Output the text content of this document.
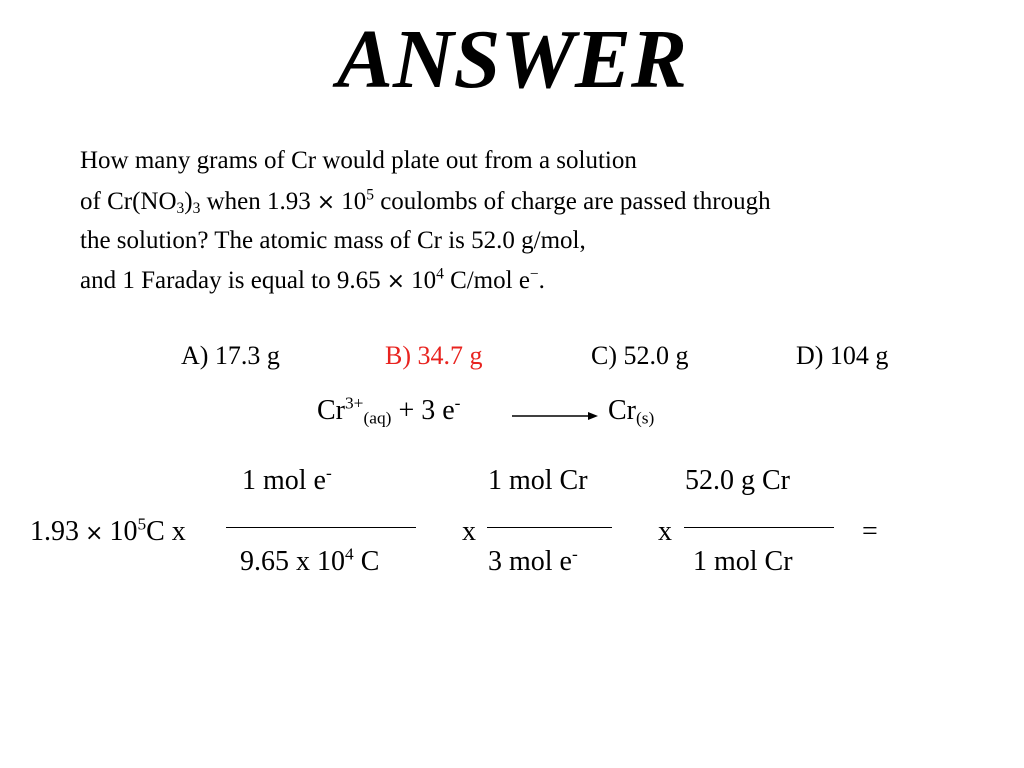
ANSWER
How many grams of Cr would plate out from a solution
of $Cr(NO_3)_3$ when $1.93 \times 10^5$ coulombs of charge are passed through
the solution? The atomic mass of Cr is 52.0 g/mol,
and 1 Faraday is equal to $9.65 \times 10^4$ C/mol e−.
A) 17.3 g	B) 34.7 g	C) 52.0 g	D) 104 g
$Cr^{3+}_{(aq)} + 3$ e-	$Cr_{(s)}$
$1.93 \times 10^5C$ x
1 mol e-
9.65 x $10^4$ C
x
1 mol Cr
3 mol e-
x
52.0 g Cr
1 mol Cr
=
